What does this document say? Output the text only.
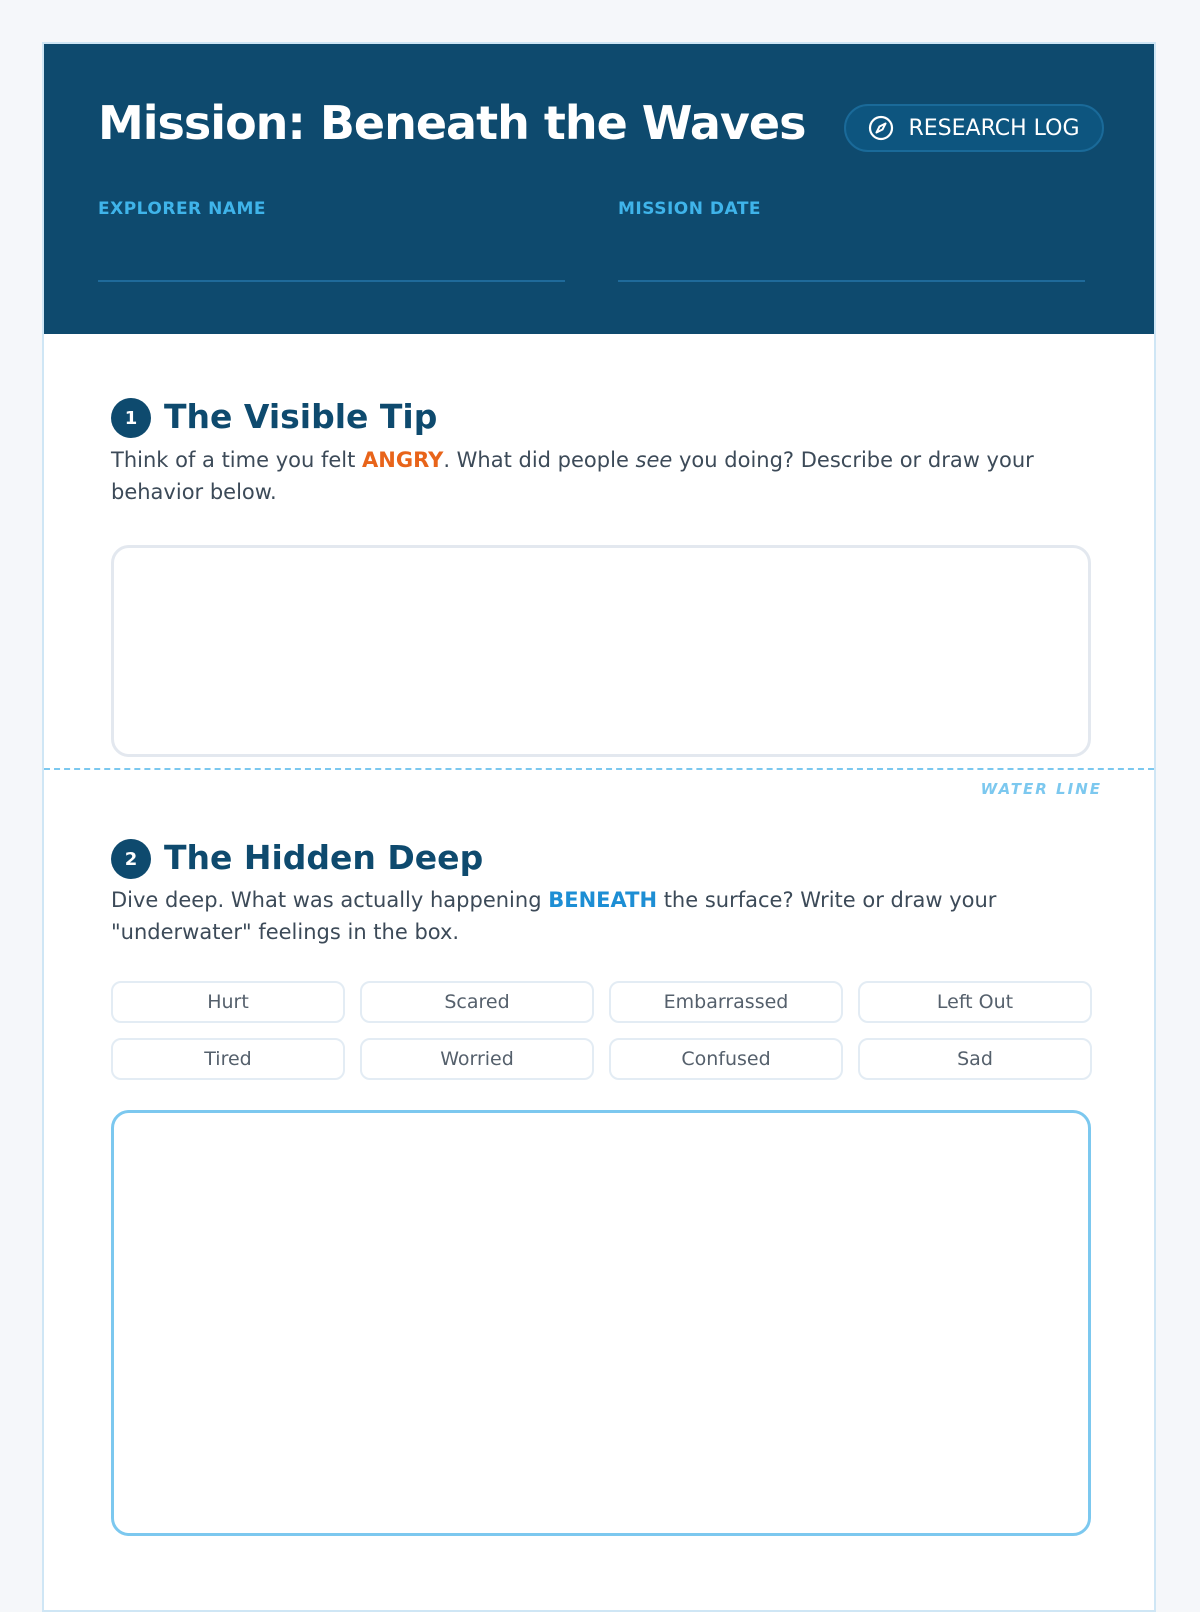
Mission: Beneath the Waves	RESEARCH LOG
EXPLORER NAME	MISSION DATE
1 The Visible Tip

Think of a time you felt ANGRY. What did people see you doing? Describe or draw your behavior below.

WATER LINE
2 The Hidden Deep

Dive deep. What was actually happening BENEATH the surface? Write or draw your "underwater" feelings in the box.

Hurt	Scared	Embarrassed	Left Out
Tired	Worried	Confused	Sad
